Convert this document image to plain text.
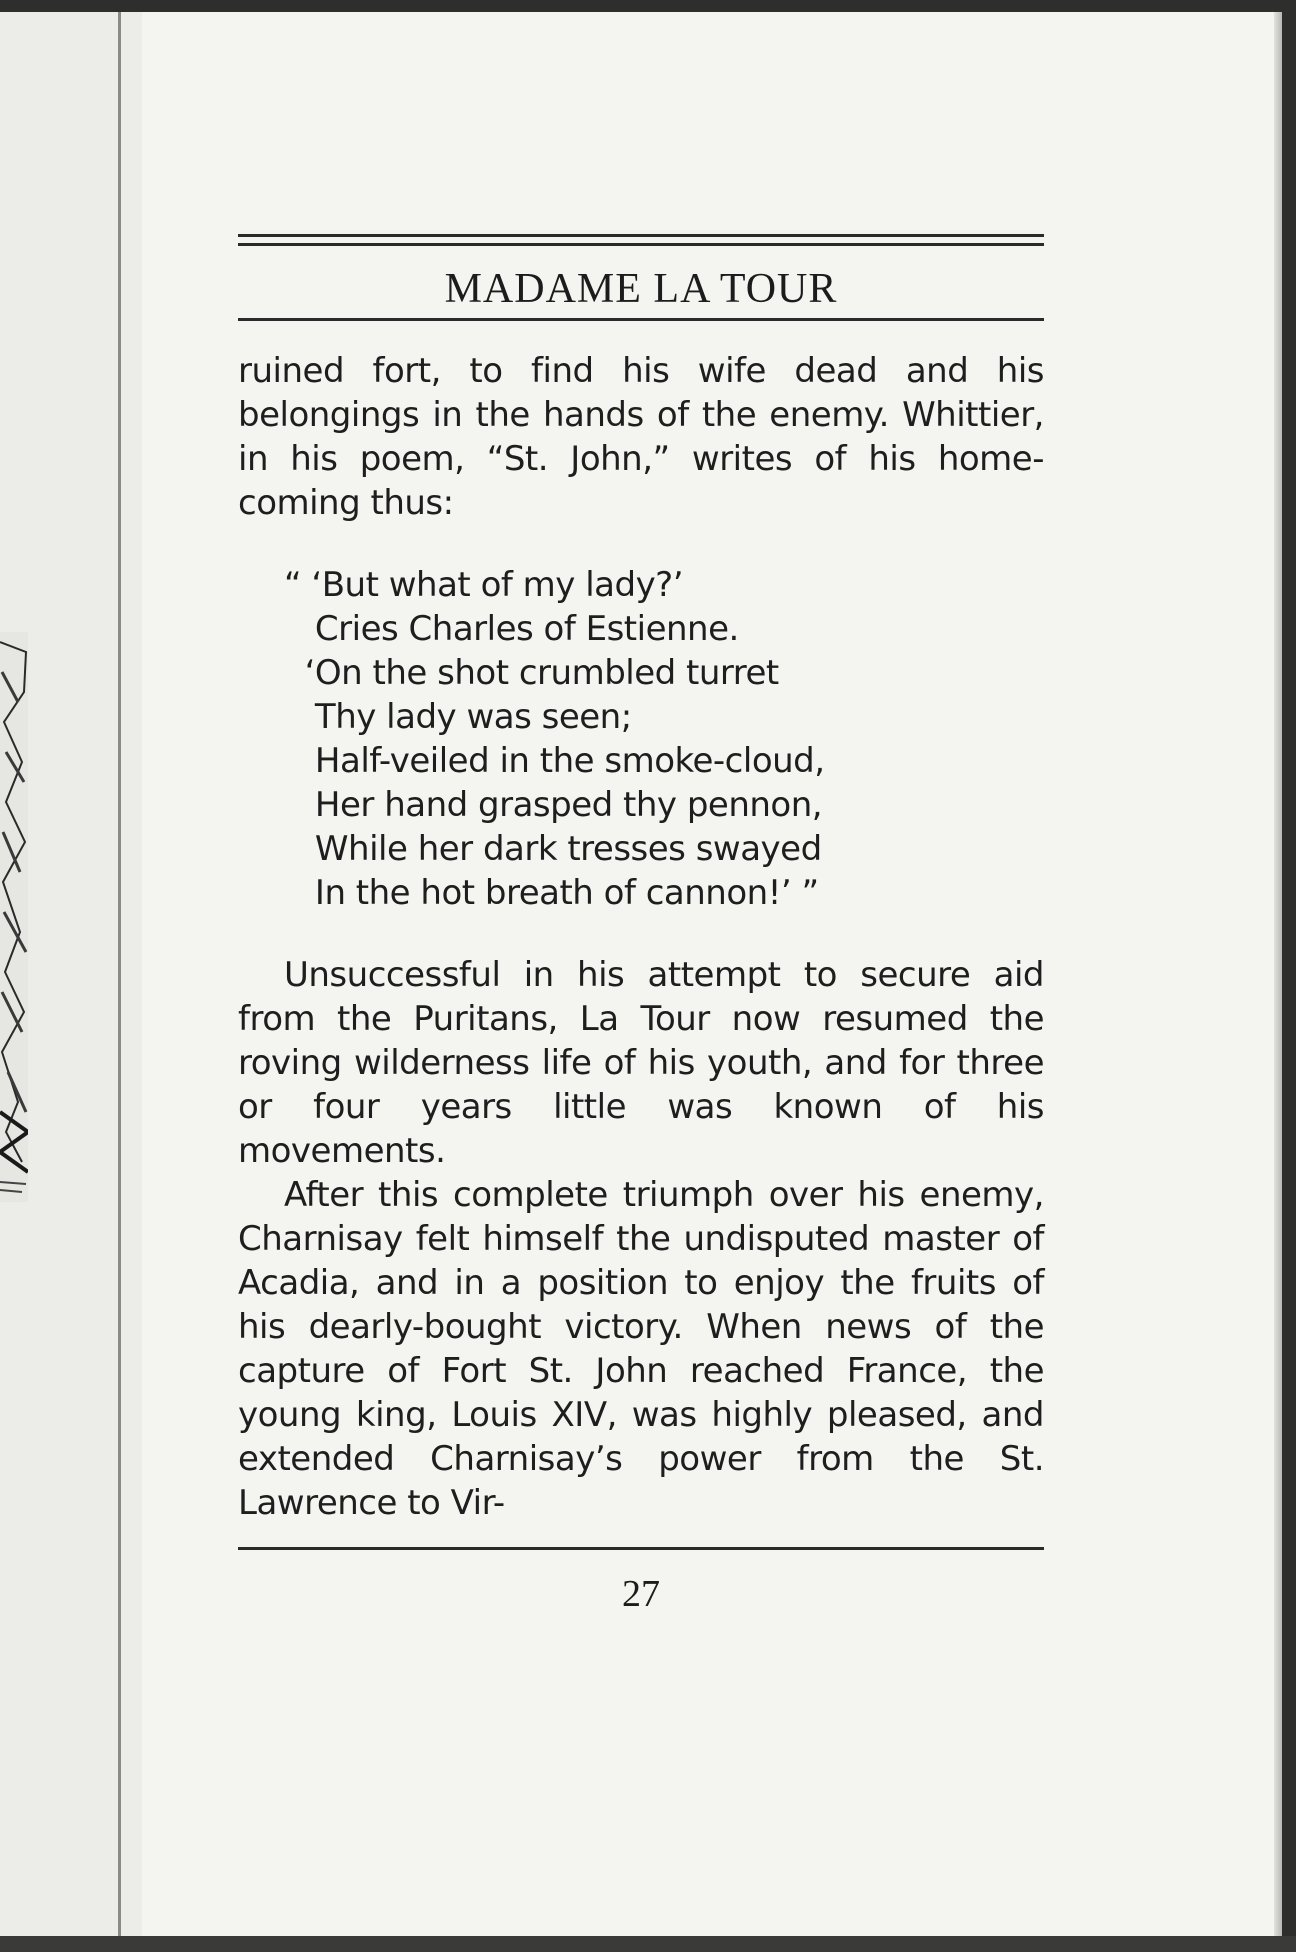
MADAME LA TOUR

ruined fort, to find his wife dead and his belongings in the hands of the enemy. Whittier, in his poem, “St. John,” writes of his home-coming thus:

“ ‘But what of my lady?’
Cries Charles of Estienne.
‘On the shot crumbled turret
Thy lady was seen;
Half-veiled in the smoke-cloud,
Her hand grasped thy pennon,
While her dark tresses swayed
In the hot breath of cannon!’ ”

Unsuccessful in his attempt to secure aid from the Puritans, La Tour now resumed the roving wilderness life of his youth, and for three or four years little was known of his movements.

After this complete triumph over his enemy, Charnisay felt himself the undisputed master of Acadia, and in a position to enjoy the fruits of his dearly-bought victory. When news of the capture of Fort St. John reached France, the young king, Louis XIV, was highly pleased, and extended Charnisay’s power from the St. Lawrence to Vir-

27
